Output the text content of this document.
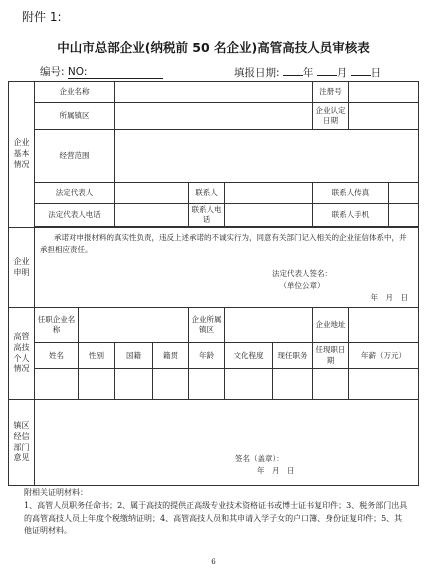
附件 1:
中山市总部企业(纳税前 50 名企业)高管高技人员审核表
编号: NO:	填报日期: 年 月 日
企业基本情况	企业名称							注册号		
	所属镇区							企业认定日期		
	经营范围									
	法定代表人				联系人			联系人传真		
	法定代表人电话				联系人电话			联系人手机		

企业申明	承诺对申报材料的真实性负责，违反上述承诺的不诚实行为，同意有关部门记入相关的企业征信体系中，并承担相应责任。

法定代表人签名：
（单位公章）
年　月　日									

高管高技个人情况	任职企业名称				企业所属镇区			企业地址		
	姓名	性别	国籍	籍贯	年龄	文化程度	现任职务	任现职日期	年薪（万元）	

镇区经信部门意见	签名（盖章）：
年　月　日									
附相关证明材料：
1、高管人员职务任命书；2、属于高技的提供正高级专业技术资格证书或博士证书复印件；3、税务部门出具的高管高技人员上年度个税缴纳证明；4、高管高技人员和其申请入学子女的户口簿、身份证复印件；5、其他证明材料。
6
